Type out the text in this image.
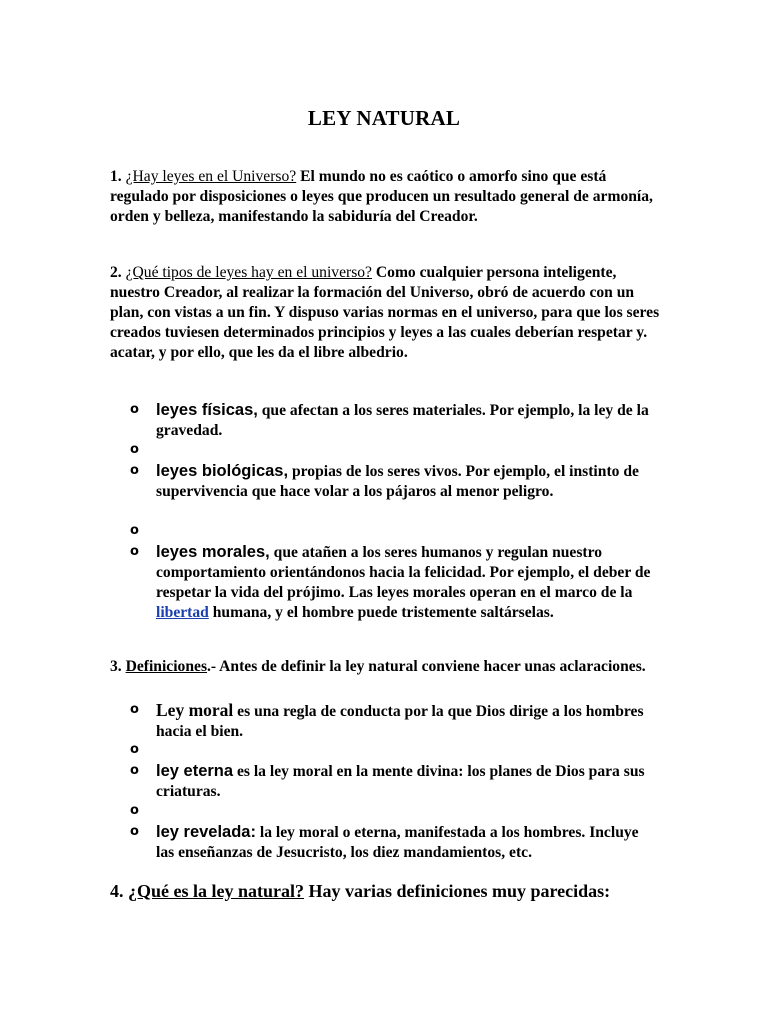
LEY NATURAL
1. ¿Hay leyes en el Universo? El mundo no es caótico o amorfo sino que está regulado por disposiciones o leyes que producen un resultado general de armonía, orden y belleza, manifestando la sabiduría del Creador.
2. ¿Qué tipos de leyes hay en el universo? Como cualquier persona inteligente, nuestro Creador, al realizar la formación del Universo, obró de acuerdo con un plan, con vistas a un fin. Y dispuso varias normas en el universo, para que los seres creados tuviesen determinados principios y leyes a las cuales deberían respetar y. acatar, y por ello, que les da el libre albedrio.
o leyes físicas, que afectan a los seres materiales. Por ejemplo, la ley de la gravedad.
o
o leyes biológicas, propias de los seres vivos. Por ejemplo, el instinto de supervivencia que hace volar a los pájaros al menor peligro.
o
o leyes morales, que atañen a los seres humanos y regulan nuestro comportamiento orientándonos hacia la felicidad. Por ejemplo, el deber de respetar la vida del prójimo. Las leyes morales operan en el marco de la libertad humana, y el hombre puede tristemente saltárselas.
3. Definiciones.- Antes de definir la ley natural conviene hacer unas aclaraciones.
o Ley moral es una regla de conducta por la que Dios dirige a los hombres hacia el bien.
o
o ley eterna es la ley moral en la mente divina: los planes de Dios para sus criaturas.
o
o ley revelada: la ley moral o eterna, manifestada a los hombres. Incluye las enseñanzas de Jesucristo, los diez mandamientos, etc.
4. ¿Qué es la ley natural? Hay varias definiciones muy parecidas:
